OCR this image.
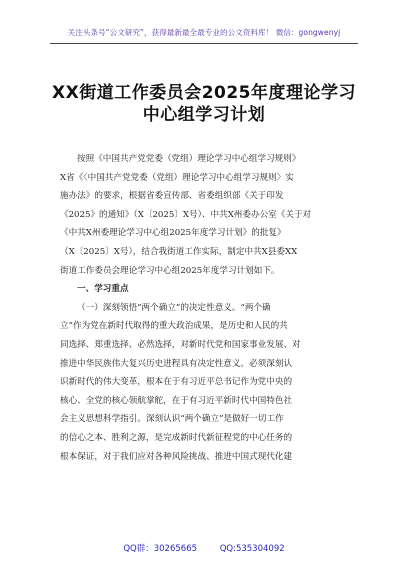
关注头条号“公文研究”，获得最新最全最专业的公文资料库！ 微信：gongwenyj
XX街道工作委员会2025年度理论学习
中心组学习计划
按照《中国共产党党委（党组）理论学习中心组学习规则》
X省《〈中国共产党党委（党组）理论学习中心组学习规则〉实
施办法》的要求，根据省委宣传部、省委组织部《关于印发
《2025》的通知》（X〔2025〕X号）、中共X州委办公室《关于对
《中共X州委理论学习中心组2025年度学习计划》的批复》
（X〔2025〕X号），结合我街道工作实际，制定中共X县委XX
街道工作委员会理论学习中心组2025年度学习计划如下。
一、学习重点
（一）深刻领悟“两个确立”的决定性意义。“两个确
立”作为党在新时代取得的重大政治成果，是历史和人民的共
同选择、郑重选择、必然选择，对新时代党和国家事业发展、对
推进中华民族伟大复兴历史进程具有决定性意义。必须深刻认
识新时代的伟大变革，根本在于有习近平总书记作为党中央的
核心、全党的核心领航掌舵，在于有习近平新时代中国特色社
会主义思想科学指引。深刻认识“两个确立”是做好一切工作
的信心之本、胜利之源，是完成新时代新征程党的中心任务的
根本保证，对于我们应对各种风险挑战、推进中国式现代化建
QQ群：30265665	QQ:535304092
